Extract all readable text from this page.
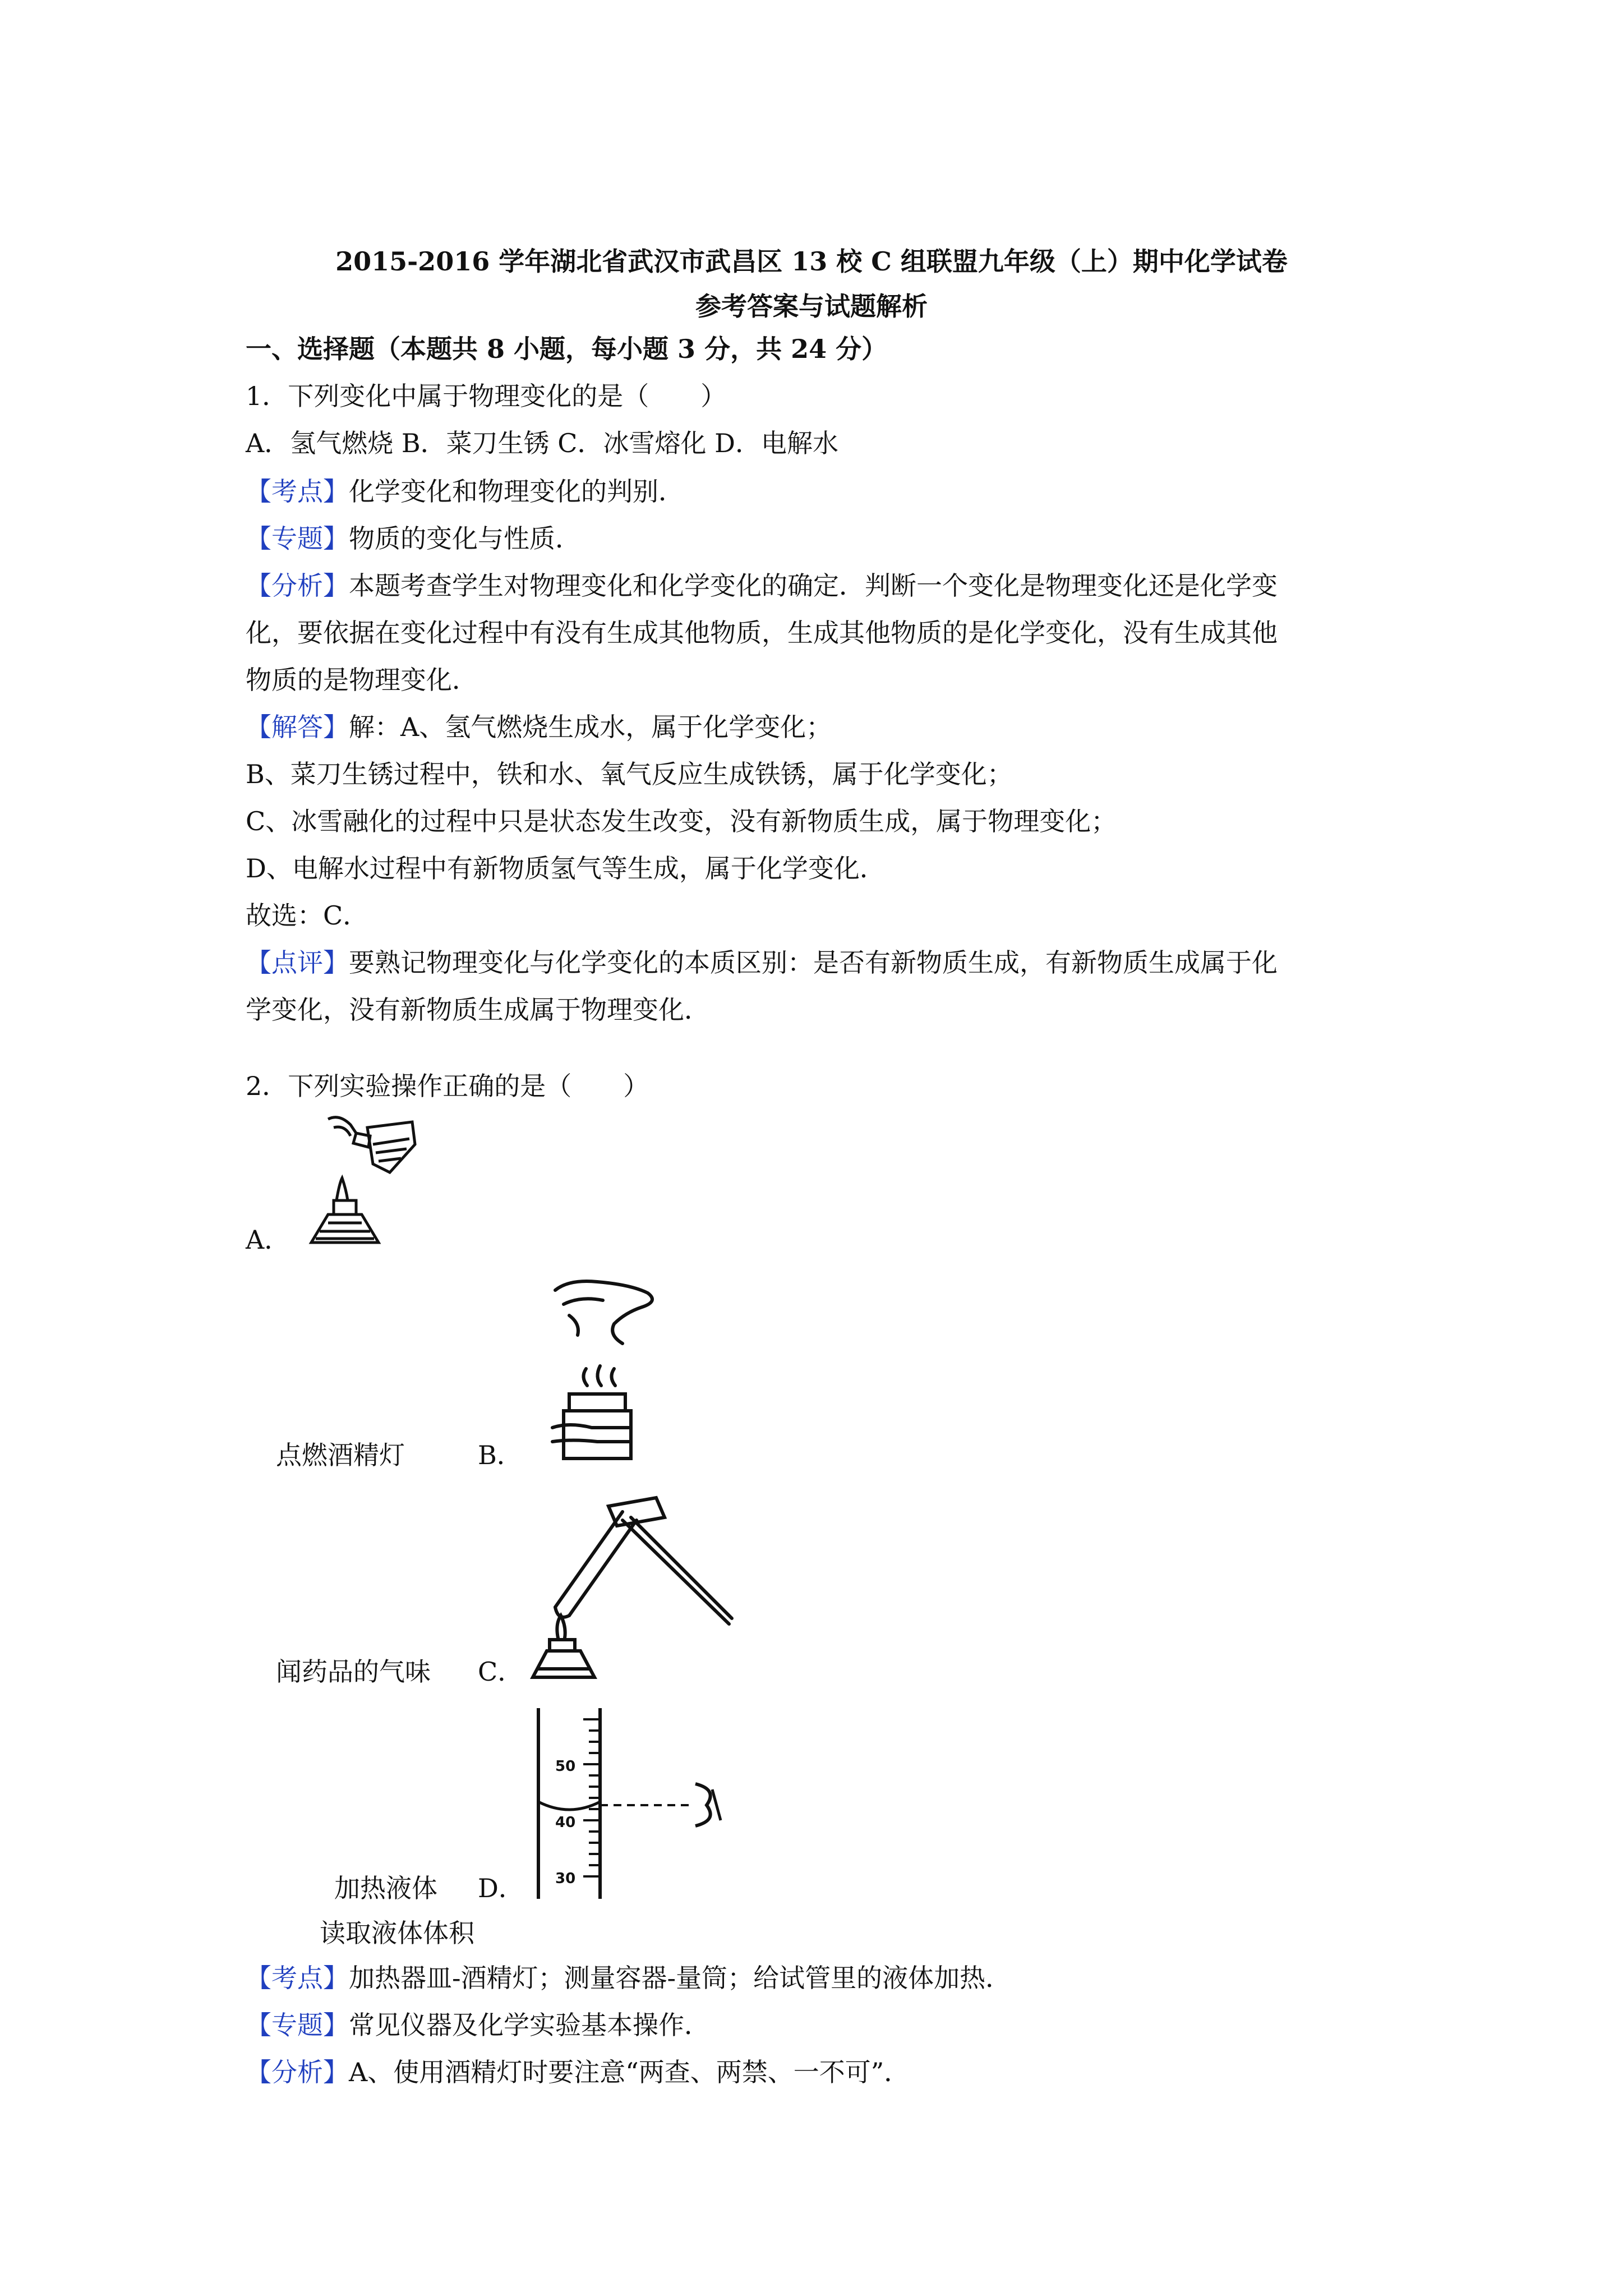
2015-2016 学年湖北省武汉市武昌区 13 校 C 组联盟九年级（上）期中化学试卷
参考答案与试题解析
一、选择题（本题共 8 小题，每小题 3 分，共 24 分）
1．下列变化中属于物理变化的是（　　）
A．氢气燃烧 B．菜刀生锈 C．冰雪熔化 D．电解水
【考点】化学变化和物理变化的判别．
【专题】物质的变化与性质．
【分析】本题考查学生对物理变化和化学变化的确定．判断一个变化是物理变化还是化学变
化，要依据在变化过程中有没有生成其他物质，生成其他物质的是化学变化，没有生成其他
物质的是物理变化．
【解答】解：A、氢气燃烧生成水，属于化学变化；
B、菜刀生锈过程中，铁和水、氧气反应生成铁锈，属于化学变化；
C、冰雪融化的过程中只是状态发生改变，没有新物质生成，属于物理变化；
D、电解水过程中有新物质氢气等生成，属于化学变化．
故选：C．
【点评】要熟记物理变化与化学变化的本质区别：是否有新物质生成，有新物质生成属于化
学变化，没有新物质生成属于物理变化．
2．下列实验操作正确的是（　　）
A．
点燃酒精灯	B．
闻药品的气味 C．
50
40
30
加热液体 D．
读取液体体积
【考点】加热器皿-酒精灯；测量容器-量筒；给试管里的液体加热．
【专题】常见仪器及化学实验基本操作．
【分析】A、使用酒精灯时要注意“两查、两禁、一不可”．
